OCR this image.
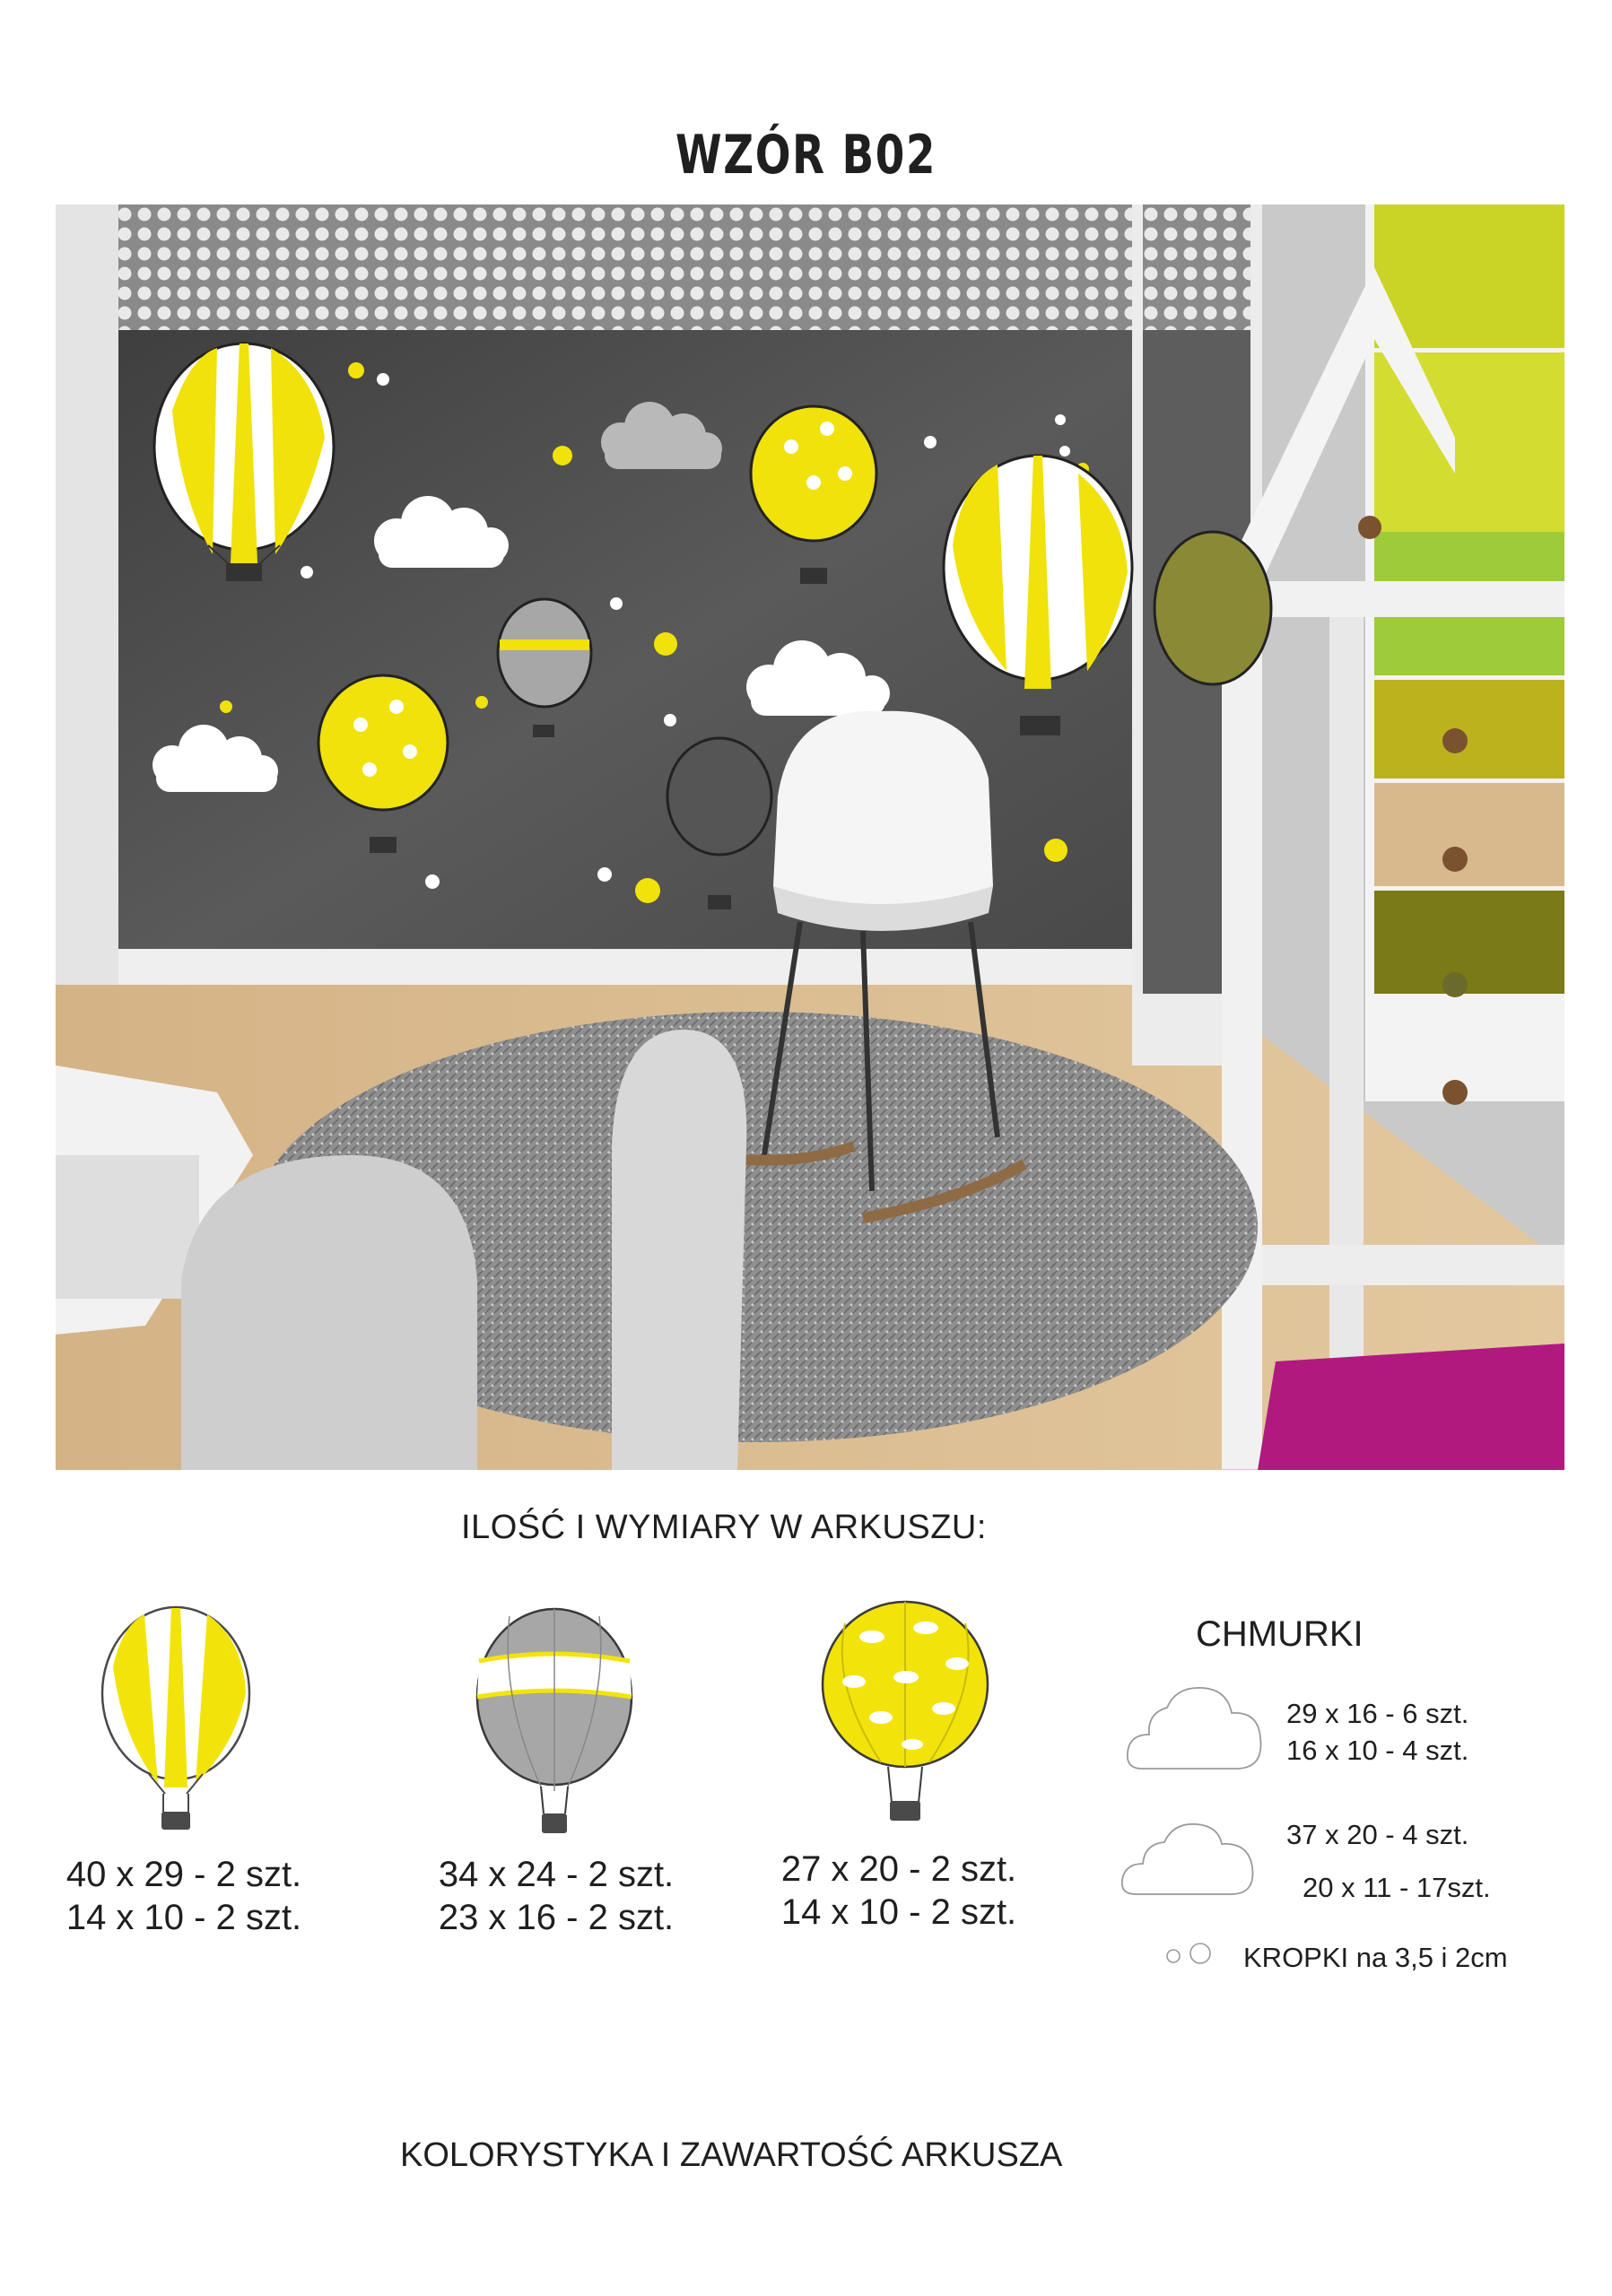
WZÓR B02
ILOŚĆ I WYMIARY W ARKUSZU:
40 x 29 - 2 szt.
14 x 10 - 2 szt.
34 x 24 - 2 szt.
23 x 16 - 2 szt.
27 x 20 - 2 szt.
14 x 10 - 2 szt.
CHMURKI
29 x 16 - 6 szt.
16 x 10 - 4 szt.
37 x 20 - 4 szt.
20 x 11 - 17szt.
KROPKI na 3,5 i 2cm
KOLORYSTYKA I ZAWARTOŚĆ ARKUSZA
